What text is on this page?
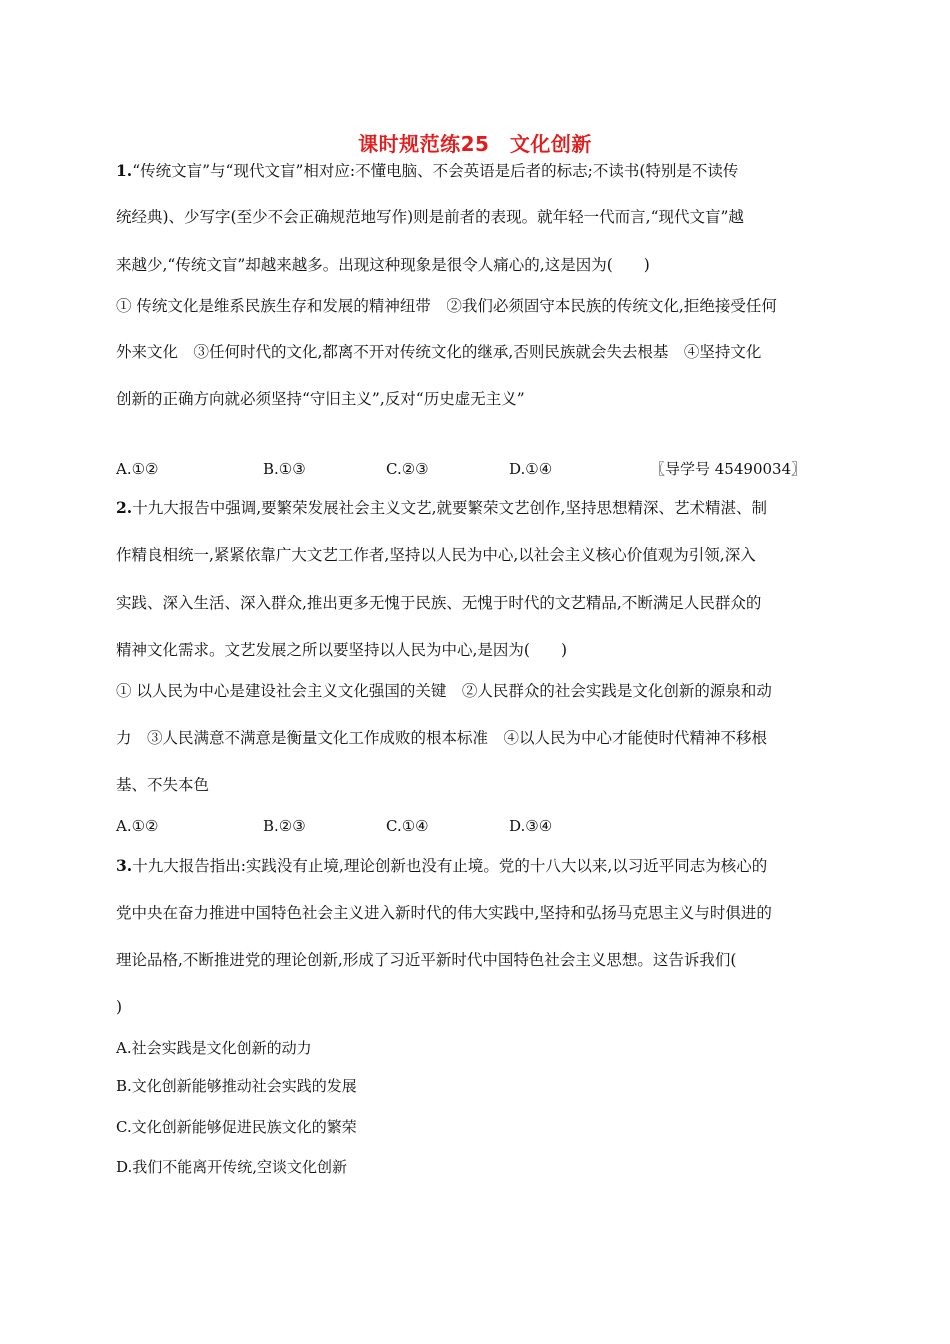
课时规范练25　文化创新
1.“传统文盲”与“现代文盲”相对应:不懂电脑、不会英语是后者的标志;不读书(特别是不读传
统经典)、少写字(至少不会正确规范地写作)则是前者的表现。就年轻一代而言,“现代文盲”越
来越少,“传统文盲”却越来越多。出现这种现象是很令人痛心的,这是因为(　　)
① 传统文化是维系民族生存和发展的精神纽带　②我们必须固守本民族的传统文化,拒绝接受任何
外来文化　③任何时代的文化,都离不开对传统文化的继承,否则民族就会失去根基　④坚持文化
创新的正确方向就必须坚持“守旧主义”,反对“历史虚无主义”
A.①②	B.①③	C.②③	D.①④	〖导学号 45490034〗
2.十九大报告中强调,要繁荣发展社会主义文艺,就要繁荣文艺创作,坚持思想精深、艺术精湛、制
作精良相统一,紧紧依靠广大文艺工作者,坚持以人民为中心,以社会主义核心价值观为引领,深入
实践、深入生活、深入群众,推出更多无愧于民族、无愧于时代的文艺精品,不断满足人民群众的
精神文化需求。文艺发展之所以要坚持以人民为中心,是因为(　　)
① 以人民为中心是建设社会主义文化强国的关键　②人民群众的社会实践是文化创新的源泉和动
力　③人民满意不满意是衡量文化工作成败的根本标准　④以人民为中心才能使时代精神不移根
基、不失本色
A.①②	B.②③	C.①④	D.③④
3.十九大报告指出:实践没有止境,理论创新也没有止境。党的十八大以来,以习近平同志为核心的
党中央在奋力推进中国特色社会主义进入新时代的伟大实践中,坚持和弘扬马克思主义与时俱进的
理论品格,不断推进党的理论创新,形成了习近平新时代中国特色社会主义思想。这告诉我们(
)
A.社会实践是文化创新的动力
B.文化创新能够推动社会实践的发展
C.文化创新能够促进民族文化的繁荣
D.我们不能离开传统,空谈文化创新
